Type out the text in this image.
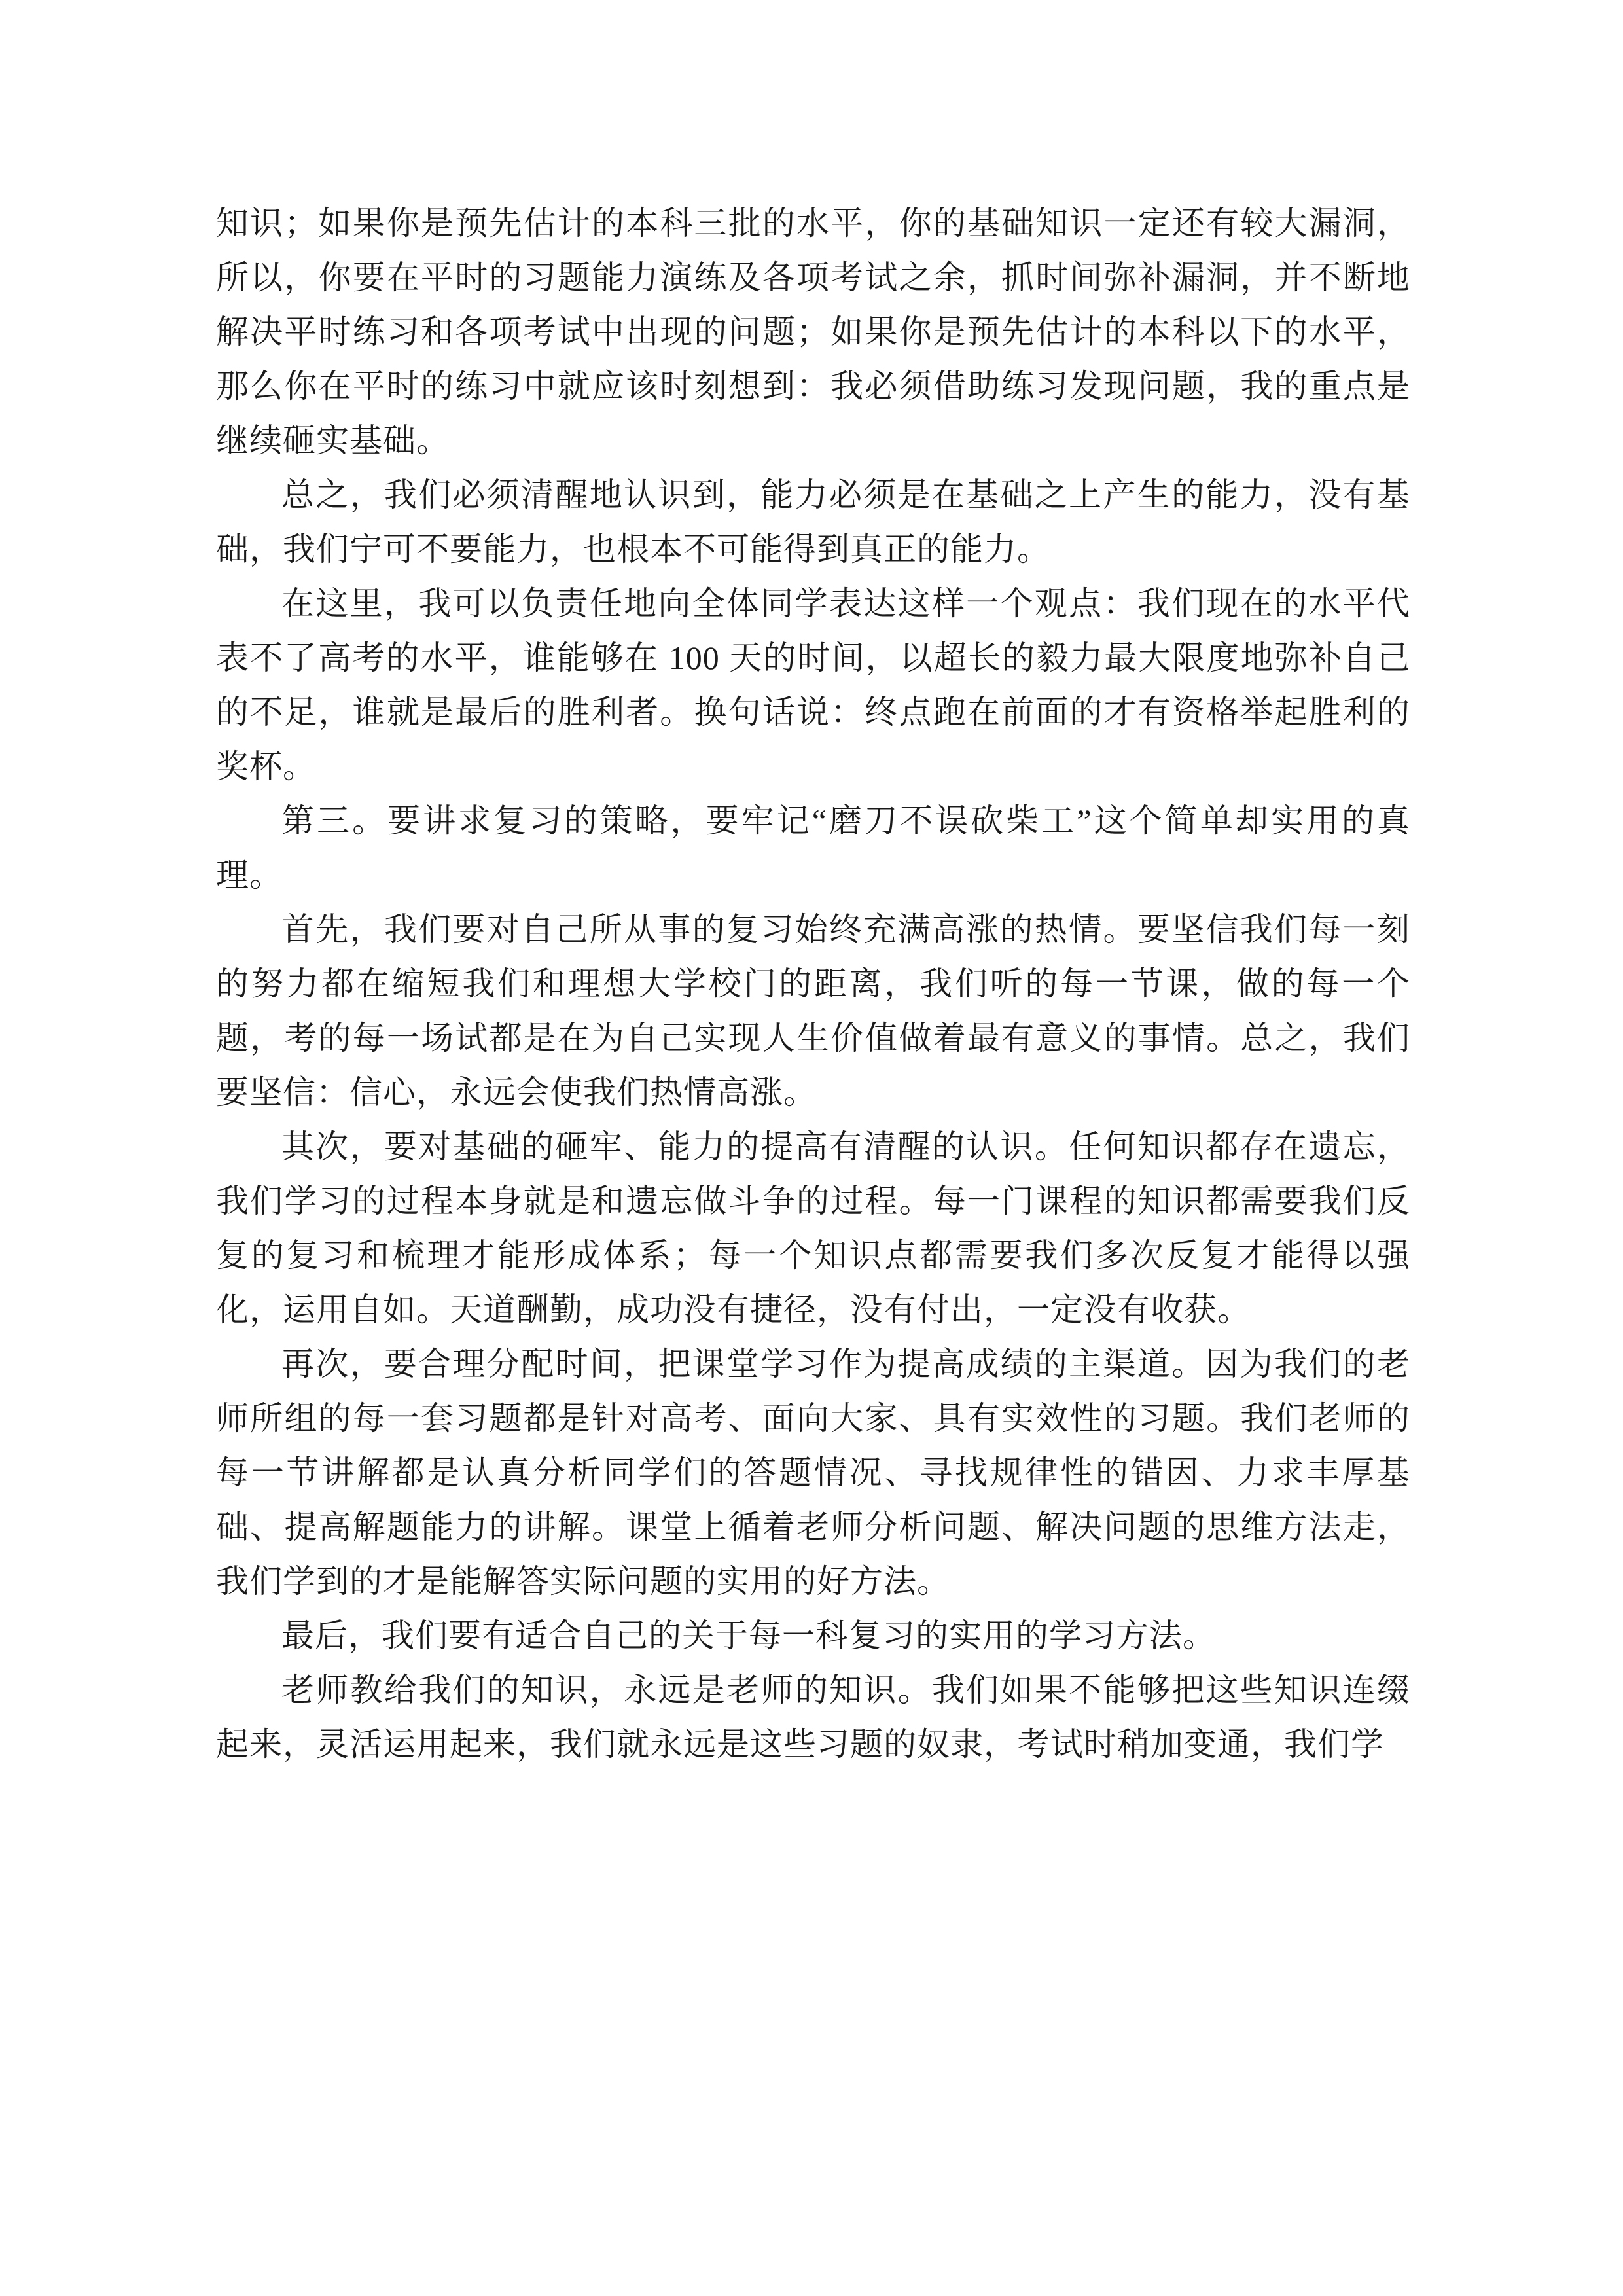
知识；如果你是预先估计的本科三批的水平，你的基础知识一定还有较大漏洞，所以，你要在平时的习题能力演练及各项考试之余，抓时间弥补漏洞，并不断地解决平时练习和各项考试中出现的问题；如果你是预先估计的本科以下的水平，那么你在平时的练习中就应该时刻想到：我必须借助练习发现问题，我的重点是继续砸实基础。

总之，我们必须清醒地认识到，能力必须是在基础之上产生的能力，没有基础，我们宁可不要能力，也根本不可能得到真正的能力。

在这里，我可以负责任地向全体同学表达这样一个观点：我们现在的水平代表不了高考的水平，谁能够在 100 天的时间，以超长的毅力最大限度地弥补自己的不足，谁就是最后的胜利者。换句话说：终点跑在前面的才有资格举起胜利的奖杯。

第三。要讲求复习的策略，要牢记“磨刀不误砍柴工”这个简单却实用的真理。

首先，我们要对自己所从事的复习始终充满高涨的热情。要坚信我们每一刻的努力都在缩短我们和理想大学校门的距离，我们听的每一节课，做的每一个题，考的每一场试都是在为自己实现人生价值做着最有意义的事情。总之，我们要坚信：信心，永远会使我们热情高涨。

其次，要对基础的砸牢、能力的提高有清醒的认识。任何知识都存在遗忘，我们学习的过程本身就是和遗忘做斗争的过程。每一门课程的知识都需要我们反复的复习和梳理才能形成体系；每一个知识点都需要我们多次反复才能得以强化，运用自如。天道酬勤，成功没有捷径，没有付出，一定没有收获。

再次，要合理分配时间，把课堂学习作为提高成绩的主渠道。因为我们的老师所组的每一套习题都是针对高考、面向大家、具有实效性的习题。我们老师的每一节讲解都是认真分析同学们的答题情况、寻找规律性的错因、力求丰厚基础、提高解题能力的讲解。课堂上循着老师分析问题、解决问题的思维方法走，我们学到的才是能解答实际问题的实用的好方法。

最后，我们要有适合自己的关于每一科复习的实用的学习方法。

老师教给我们的知识，永远是老师的知识。我们如果不能够把这些知识连缀起来，灵活运用起来，我们就永远是这些习题的奴隶，考试时稍加变通，我们学
